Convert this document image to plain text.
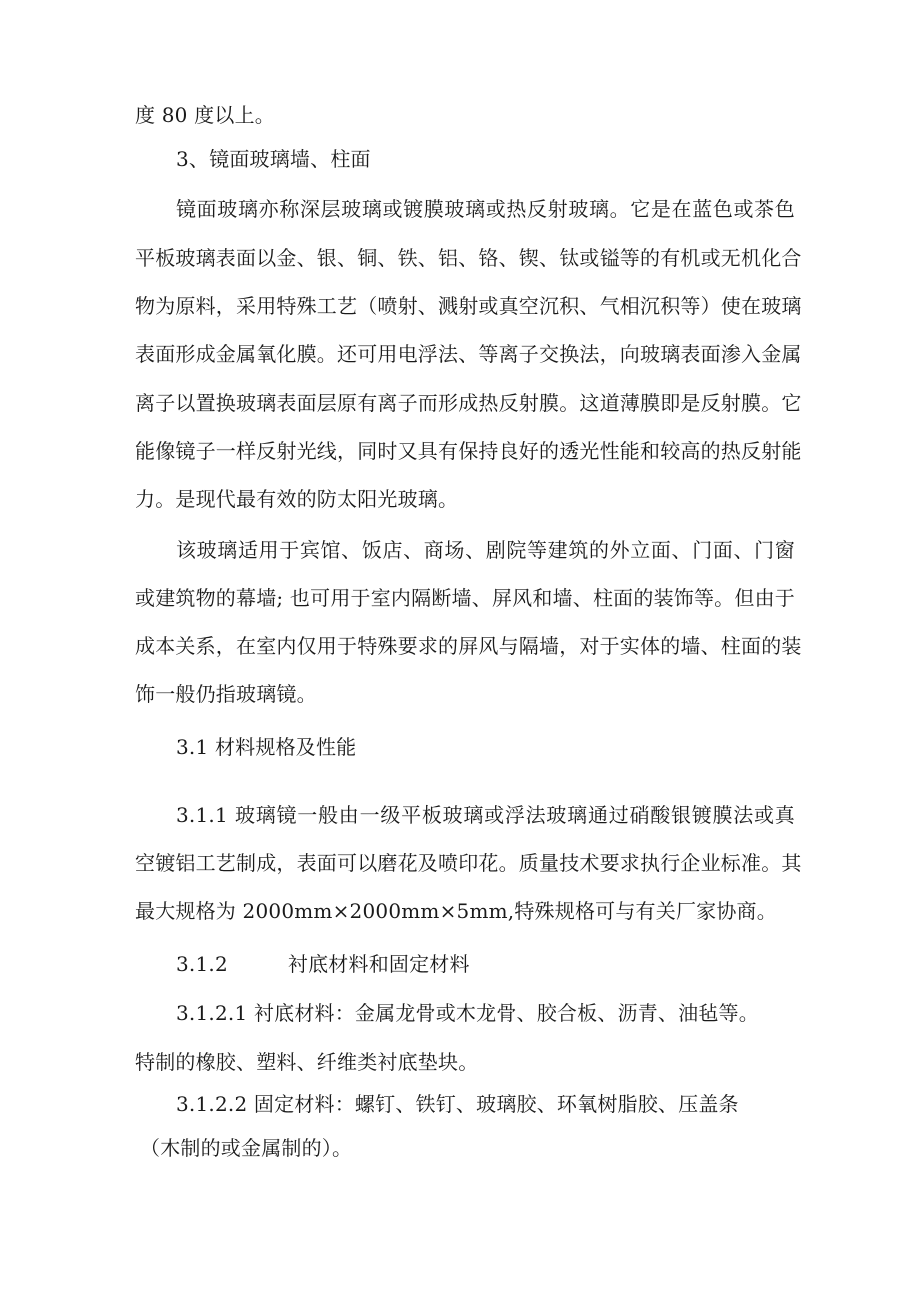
度 80 度以上。
3、镜面玻璃墙、柱面
镜面玻璃亦称深层玻璃或镀膜玻璃或热反射玻璃。它是在蓝色或茶色
平板玻璃表面以金、银、铜、铁、铝、铬、锲、钛或镒等的有机或无机化合
物为原料，采用特殊工艺（喷射、溅射或真空沉积、气相沉积等）使在玻璃
表面形成金属氧化膜。还可用电浮法、等离子交换法，向玻璃表面渗入金属
离子以置换玻璃表面层原有离子而形成热反射膜。这道薄膜即是反射膜。它
能像镜子一样反射光线，同时又具有保持良好的透光性能和较高的热反射能
力。是现代最有效的防太阳光玻璃。
该玻璃适用于宾馆、饭店、商场、剧院等建筑的外立面、门面、门窗
或建筑物的幕墙; 也可用于室内隔断墙、屏风和墙、柱面的装饰等。但由于
成本关系，在室内仅用于特殊要求的屏风与隔墙，对于实体的墙、柱面的装
饰一般仍指玻璃镜。
3.1 材料规格及性能
3.1.1 玻璃镜一般由一级平板玻璃或浮法玻璃通过硝酸银镀膜法或真
空镀铝工艺制成，表面可以磨花及喷印花。质量技术要求执行企业标准。其
最大规格为 2000mm×2000mm×5mm,特殊规格可与有关厂家协商。
3.1.2	衬底材料和固定材料
3.1.2.1 衬底材料：金属龙骨或木龙骨、胶合板、沥青、油毡等。
特制的橡胶、塑料、纤维类衬底垫块。
3.1.2.2 固定材料：螺钉、铁钉、玻璃胶、环氧树脂胶、压盖条
（木制的或金属制的）。
